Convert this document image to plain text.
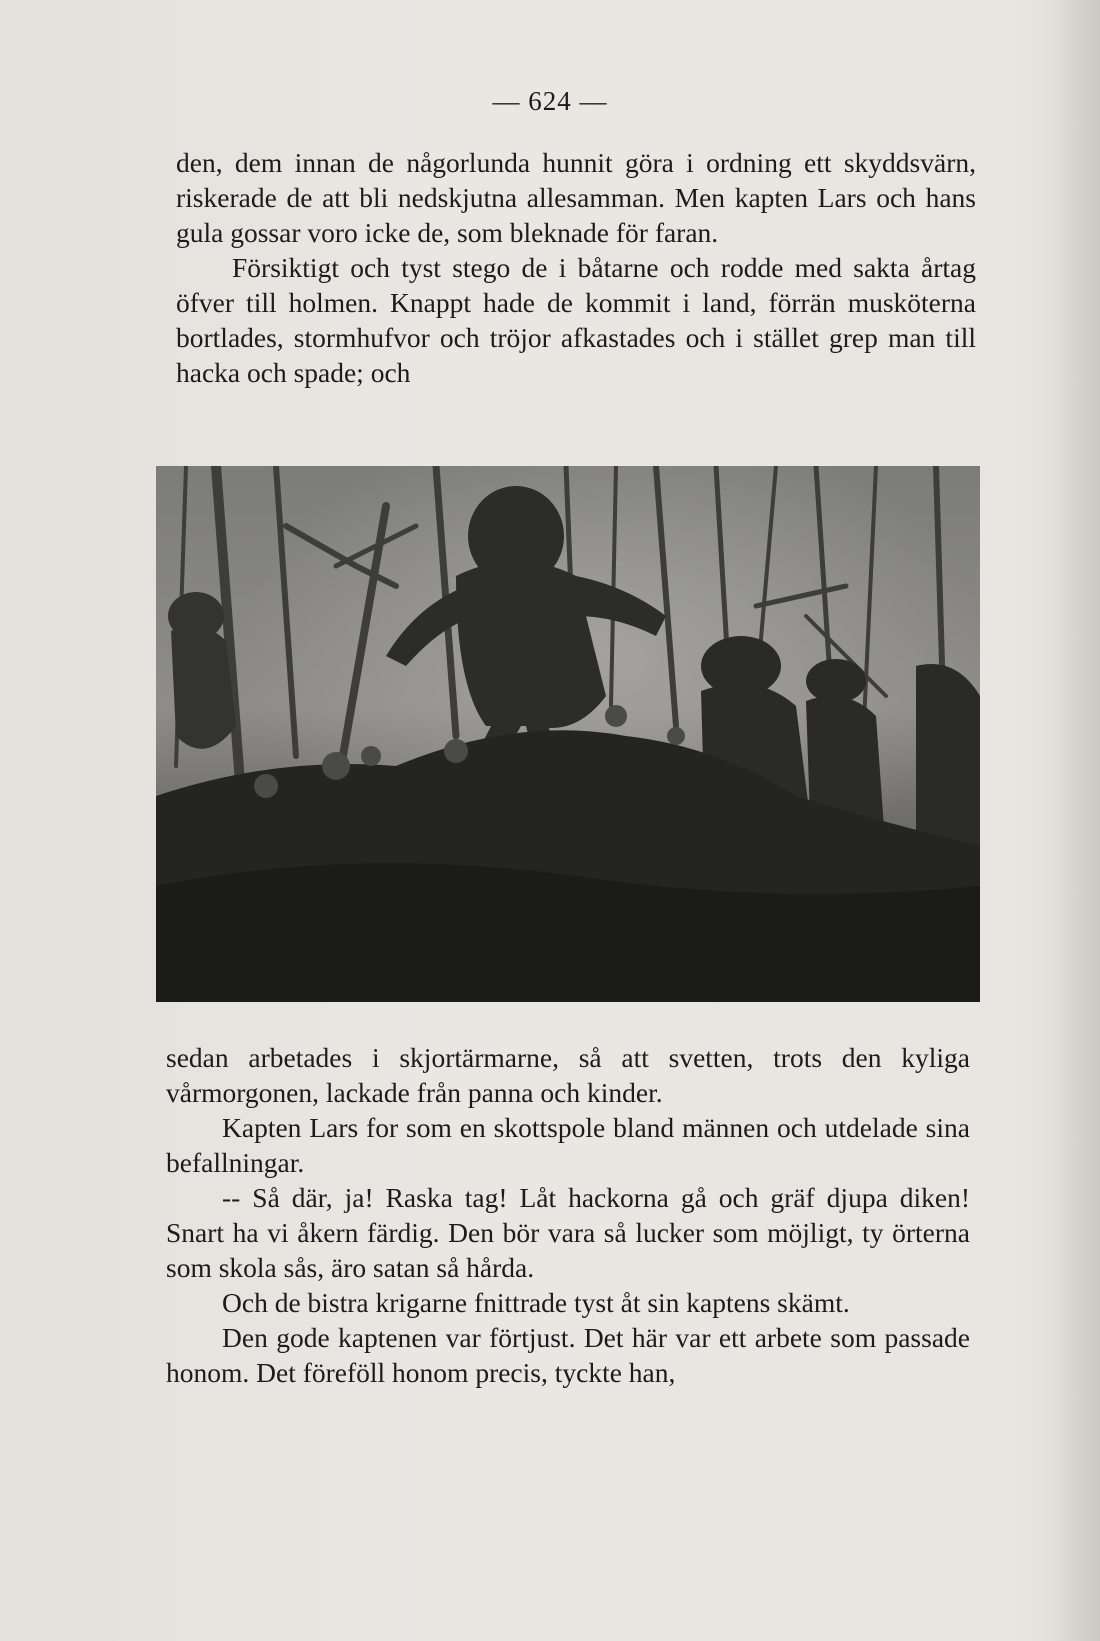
— 624 —

den, dem innan de någorlunda hunnit göra i ordning ett skyddsvärn, riskerade de att bli nedskjutna allesamman. Men kapten Lars och hans gula gossar voro icke de, som bleknade för faran.

Försiktigt och tyst stego de i båtarne och rodde med sakta årtag öfver till holmen. Knappt hade de kommit i land, förrän musköterna bortlades, stormhufvor och tröjor afkastades och i stället grep man till hacka och spade; och

sedan arbetades i skjortärmarne, så att svetten, trots den kyliga vårmorgonen, lackade från panna och kinder.

Kapten Lars for som en skottspole bland männen och utdelade sina befallningar.

-- Så där, ja! Raska tag! Låt hackorna gå och gräf djupa diken! Snart ha vi åkern färdig. Den bör vara så lucker som möjligt, ty örterna som skola sås, äro satan så hårda.

Och de bistra krigarne fnittrade tyst åt sin kaptens skämt.

Den gode kaptenen var förtjust. Det här var ett arbete som passade honom. Det föreföll honom precis, tyckte han,
